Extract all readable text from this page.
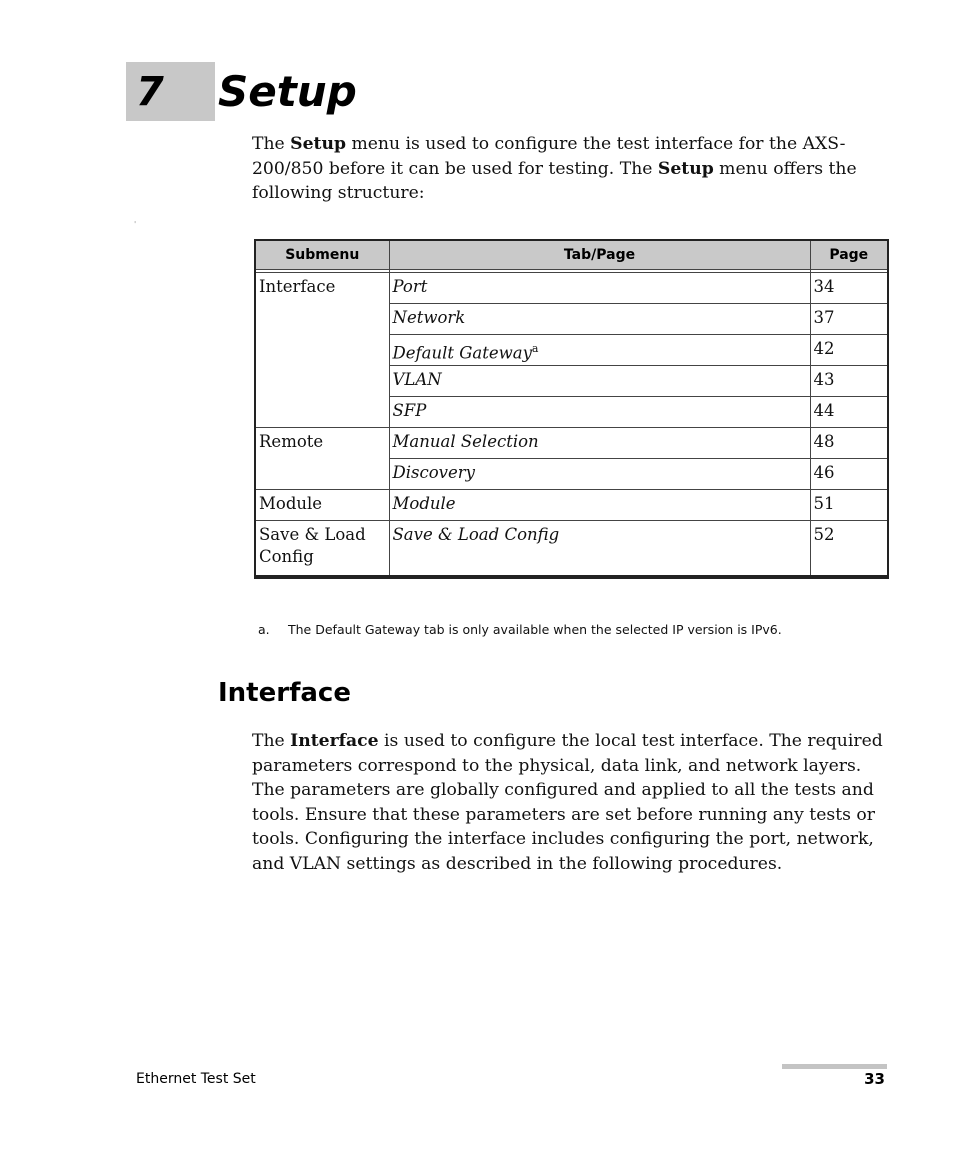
7 Setup

The Setup menu is used to configure the test interface for the AXS-200/850 before it can be used for testing. The Setup menu offers the following structure:

'
Submenu	Tab/Page	Page

Interface	Port	34
	Network	37
	Default Gateway$^a$	42
	VLAN	43
	SFP	44
Remote	Manual Selection	48
	Discovery	46
Module	Module	51
Save & Load Config	Save & Load Config	52
a. The Default Gateway tab is only available when the selected IP version is IPv6.
Interface

The Interface is used to configure the local test interface. The required parameters correspond to the physical, data link, and network layers. The parameters are globally configured and applied to all the tests and tools. Ensure that these parameters are set before running any tests or tools. Configuring the interface includes configuring the port, network, and VLAN settings as described in the following procedures.

Ethernet Test Set	33
